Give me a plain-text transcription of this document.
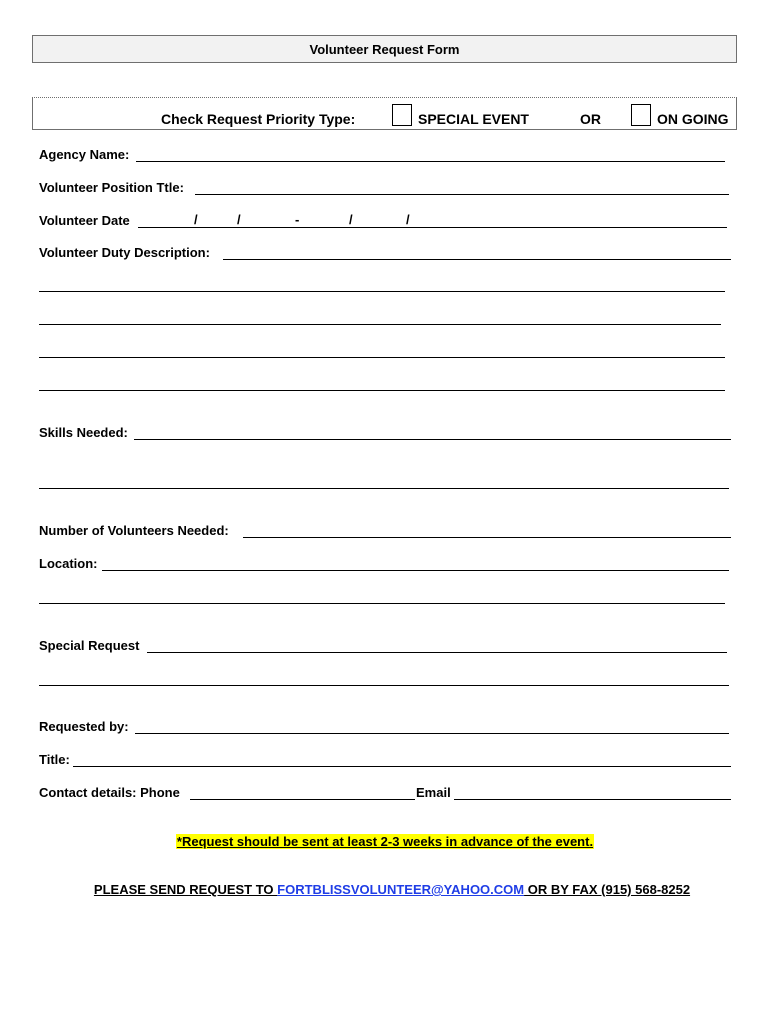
Volunteer Request Form
Check Request Priority Type:	SPECIAL EVENT	OR	ON GOING
Agency Name:
Volunteer Position Ttle:
Volunteer Date	/	/	-	/	/
Volunteer Duty Description:
Skills Needed:
Number of Volunteers Needed:
Location:
Special Request
Requested by:
Title:
Contact details: Phone	Email
*Request should be sent at least 2-3 weeks in advance of the event.
PLEASE SEND REQUEST TO FORTBLISSVOLUNTEER@YAHOO.COM OR BY FAX (915) 568-8252
